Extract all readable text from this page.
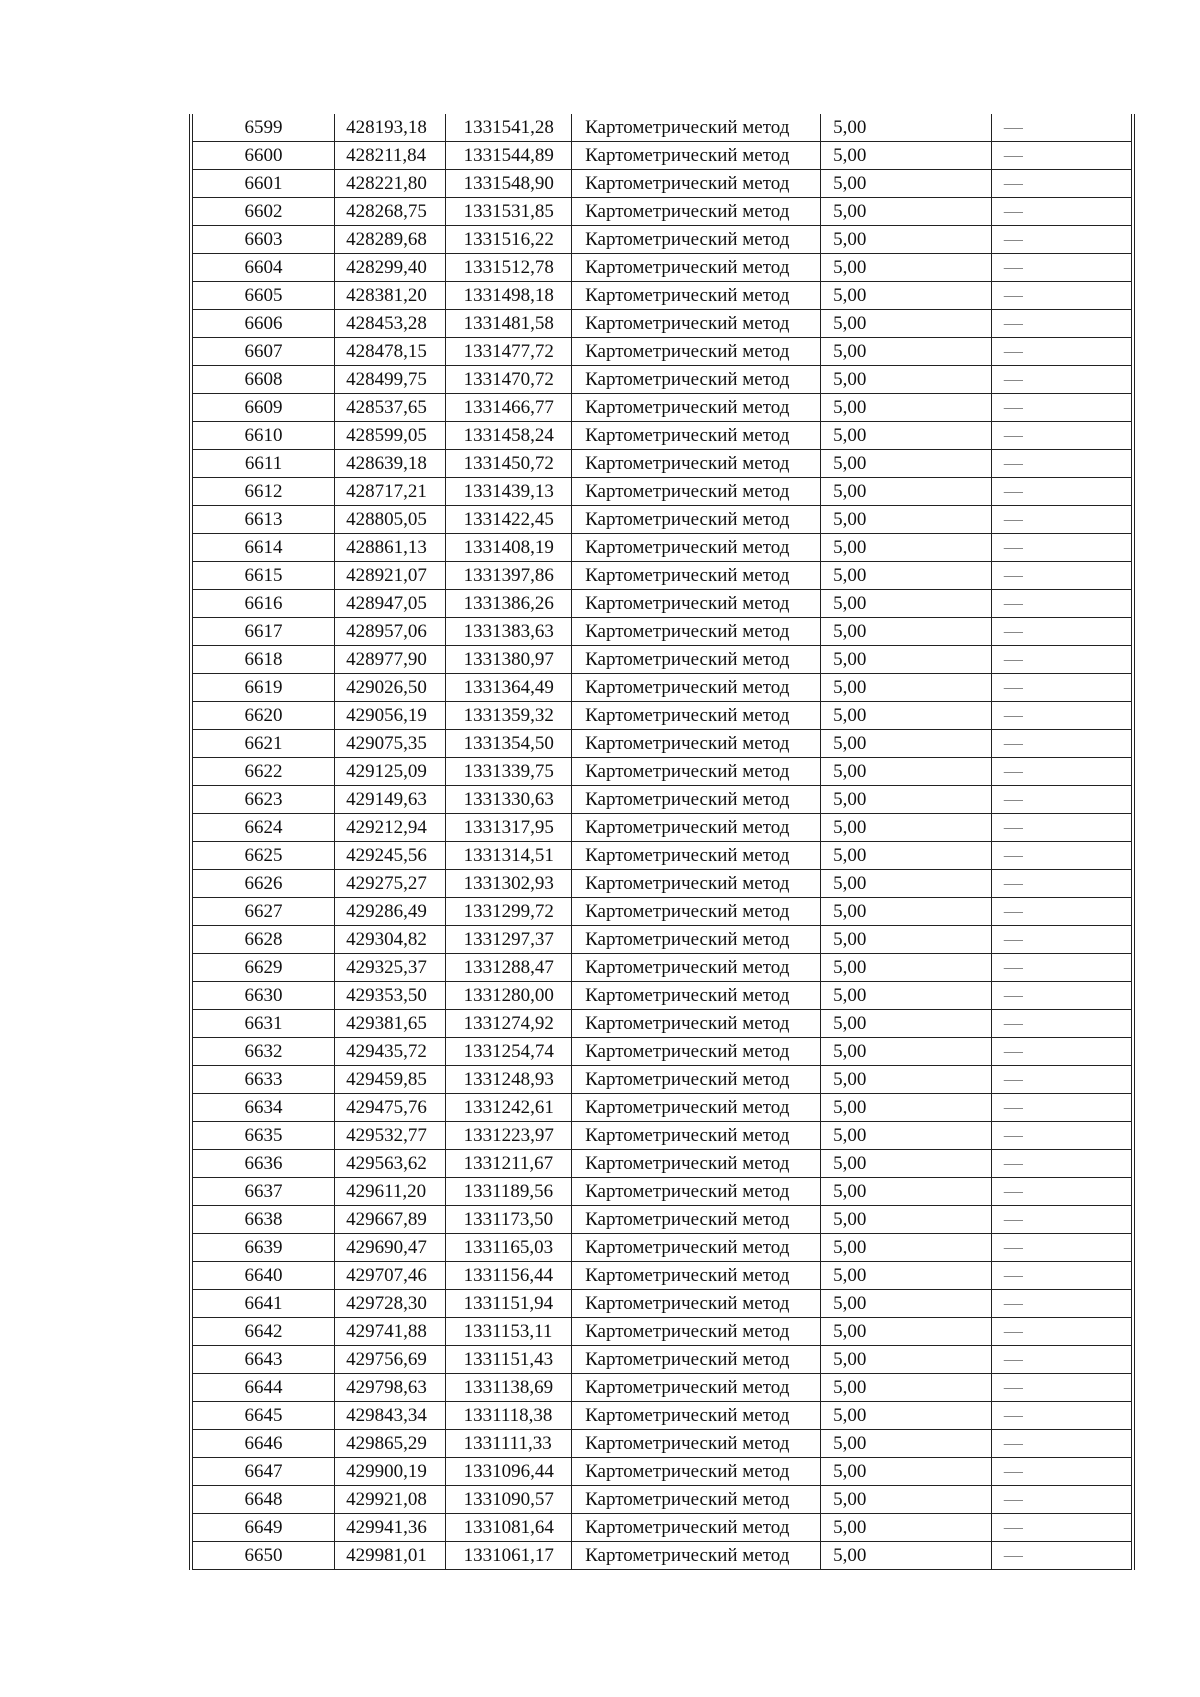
6599	428193,18	1331541,28	Картометрический метод	5,00	—
6600	428211,84	1331544,89	Картометрический метод	5,00	—
6601	428221,80	1331548,90	Картометрический метод	5,00	—
6602	428268,75	1331531,85	Картометрический метод	5,00	—
6603	428289,68	1331516,22	Картометрический метод	5,00	—
6604	428299,40	1331512,78	Картометрический метод	5,00	—
6605	428381,20	1331498,18	Картометрический метод	5,00	—
6606	428453,28	1331481,58	Картометрический метод	5,00	—
6607	428478,15	1331477,72	Картометрический метод	5,00	—
6608	428499,75	1331470,72	Картометрический метод	5,00	—
6609	428537,65	1331466,77	Картометрический метод	5,00	—
6610	428599,05	1331458,24	Картометрический метод	5,00	—
6611	428639,18	1331450,72	Картометрический метод	5,00	—
6612	428717,21	1331439,13	Картометрический метод	5,00	—
6613	428805,05	1331422,45	Картометрический метод	5,00	—
6614	428861,13	1331408,19	Картометрический метод	5,00	—
6615	428921,07	1331397,86	Картометрический метод	5,00	—
6616	428947,05	1331386,26	Картометрический метод	5,00	—
6617	428957,06	1331383,63	Картометрический метод	5,00	—
6618	428977,90	1331380,97	Картометрический метод	5,00	—
6619	429026,50	1331364,49	Картометрический метод	5,00	—
6620	429056,19	1331359,32	Картометрический метод	5,00	—
6621	429075,35	1331354,50	Картометрический метод	5,00	—
6622	429125,09	1331339,75	Картометрический метод	5,00	—
6623	429149,63	1331330,63	Картометрический метод	5,00	—
6624	429212,94	1331317,95	Картометрический метод	5,00	—
6625	429245,56	1331314,51	Картометрический метод	5,00	—
6626	429275,27	1331302,93	Картометрический метод	5,00	—
6627	429286,49	1331299,72	Картометрический метод	5,00	—
6628	429304,82	1331297,37	Картометрический метод	5,00	—
6629	429325,37	1331288,47	Картометрический метод	5,00	—
6630	429353,50	1331280,00	Картометрический метод	5,00	—
6631	429381,65	1331274,92	Картометрический метод	5,00	—
6632	429435,72	1331254,74	Картометрический метод	5,00	—
6633	429459,85	1331248,93	Картометрический метод	5,00	—
6634	429475,76	1331242,61	Картометрический метод	5,00	—
6635	429532,77	1331223,97	Картометрический метод	5,00	—
6636	429563,62	1331211,67	Картометрический метод	5,00	—
6637	429611,20	1331189,56	Картометрический метод	5,00	—
6638	429667,89	1331173,50	Картометрический метод	5,00	—
6639	429690,47	1331165,03	Картометрический метод	5,00	—
6640	429707,46	1331156,44	Картометрический метод	5,00	—
6641	429728,30	1331151,94	Картометрический метод	5,00	—
6642	429741,88	1331153,11	Картометрический метод	5,00	—
6643	429756,69	1331151,43	Картометрический метод	5,00	—
6644	429798,63	1331138,69	Картометрический метод	5,00	—
6645	429843,34	1331118,38	Картометрический метод	5,00	—
6646	429865,29	1331111,33	Картометрический метод	5,00	—
6647	429900,19	1331096,44	Картометрический метод	5,00	—
6648	429921,08	1331090,57	Картометрический метод	5,00	—
6649	429941,36	1331081,64	Картометрический метод	5,00	—
6650	429981,01	1331061,17	Картометрический метод	5,00	—
